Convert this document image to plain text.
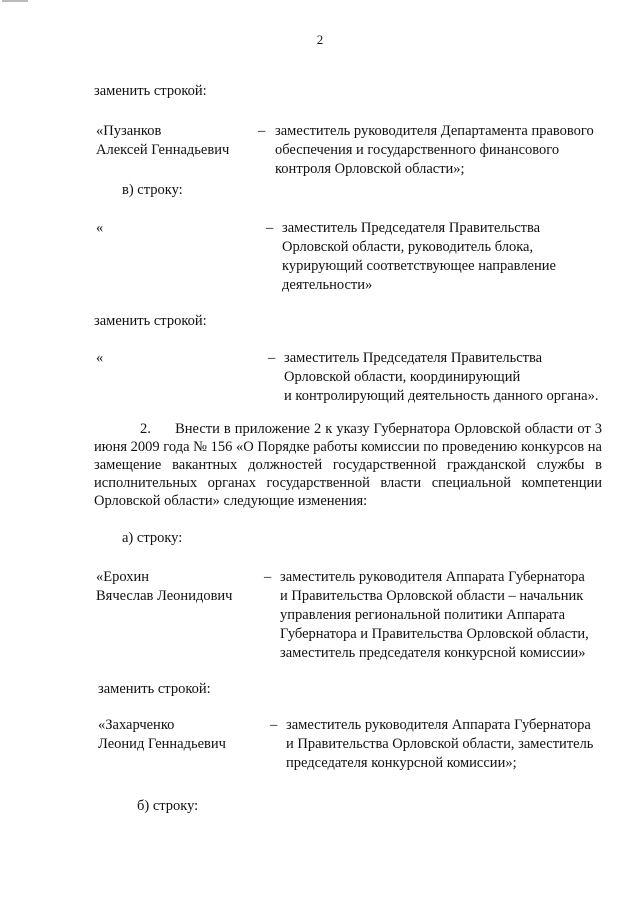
2
заменить строкой:
«Пузанков
Алексей Геннадьевич
– заместитель руководителя Департамента правового
обеспечения и государственного финансового
контроля Орловской области»;
в) строку:
«	– заместитель Председателя Правительства
Орловской области, руководитель блока,
курирующий соответствующее направление
деятельности»
заменить строкой:
«	– заместитель Председателя Правительства
Орловской области, координирующий
и контролирующий деятельность данного органа».
2. Внести в приложение 2 к указу Губернатора Орловской области от 3 июня 2009 года № 156 «О Порядке работы комиссии по проведению конкурсов на замещение вакантных должностей государственной гражданской службы в исполнительных органах государственной власти специальной компетенции Орловской области» следующие изменения:
а) строку:
«Ерохин
Вячеслав Леонидович
– заместитель руководителя Аппарата Губернатора
и Правительства Орловской области – начальник
управления региональной политики Аппарата
Губернатора и Правительства Орловской области,
заместитель председателя конкурсной комиссии»
заменить строкой:
«Захарченко
Леонид Геннадьевич
– заместитель руководителя Аппарата Губернатора
и Правительства Орловской области, заместитель
председателя конкурсной комиссии»;
б) строку:
